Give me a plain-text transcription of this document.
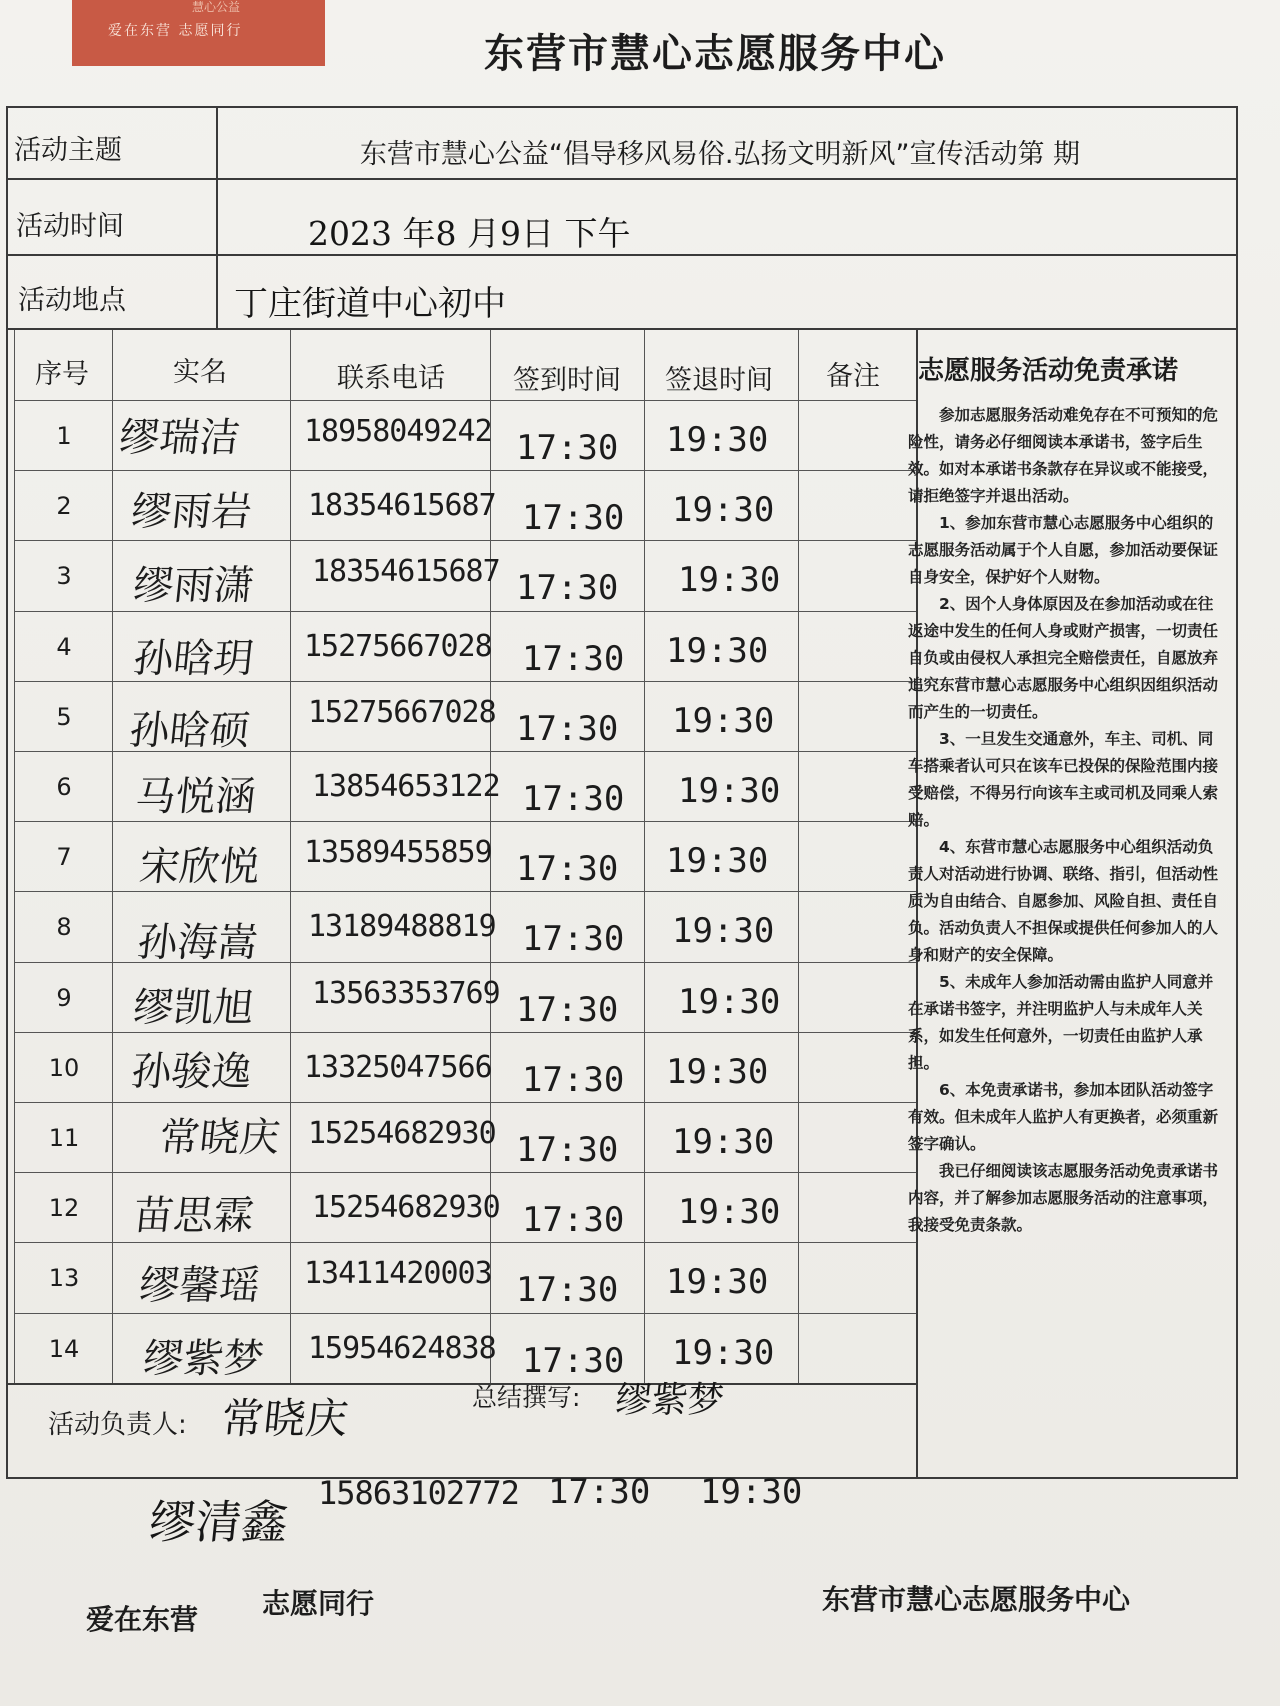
慧心公益
爱在东营 志愿同行	东营市慧心志愿服务中心
活动主题	东营市慧心公益“倡导移风易俗.弘扬文明新风”宣传活动第 期
活动时间	2023 年8 月9日 下午
活动地点	丁庄街道中心初中
序号	实名	联系电话	签到时间	签退时间	备注
1	缪瑞洁 18958049242 17:30 19:30
2	缪雨岩 18354615687 17:30 19:30
3	缪雨潇 18354615687 17:30 19:30
4	孙晗玥 15275667028 17:30 19:30
5	孙晗硕 15275667028 17:30 19:30
6	马悦涵 13854653122 17:30 19:30
7	宋欣悦 13589455859 17:30 19:30
8	孙海嵩 13189488819 17:30 19:30
9	缪凯旭 13563353769 17:30 19:30
10	孙骏逸 13325047566 17:30 19:30
11	常晓庆 15254682930 17:30 19:30
12	苗思霖 15254682930 17:30 19:30
13	缪馨瑶 13411420003 17:30 19:30
14	缪紫梦 15954624838 17:30 19:30
志愿服务活动免责承诺

参加志愿服务活动难免存在不可预知的危险性，请务必仔细阅读本承诺书，签字后生效。如对本承诺书条款存在异议或不能接受，请拒绝签字并退出活动。

1、参加东营市慧心志愿服务中心组织的志愿服务活动属于个人自愿，参加活动要保证自身安全，保护好个人财物。

2、因个人身体原因及在参加活动或在往返途中发生的任何人身或财产损害，一切责任自负或由侵权人承担完全赔偿责任，自愿放弃追究东营市慧心志愿服务中心组织因组织活动而产生的一切责任。

3、一旦发生交通意外，车主、司机、同车搭乘者认可只在该车已投保的保险范围内接受赔偿，不得另行向该车主或司机及同乘人索赔。

4、东营市慧心志愿服务中心组织活动负责人对活动进行协调、联络、指引，但活动性质为自由结合、自愿参加、风险自担、责任自负。活动负责人不担保或提供任何参加人的人身和财产的安全保障。

5、未成年人参加活动需由监护人同意并在承诺书签字，并注明监护人与未成年人关系，如发生任何意外，一切责任由监护人承担。

6、本免责承诺书，参加本团队活动签字有效。但未成年人监护人有更换者，必须重新签字确认。

我已仔细阅读该志愿服务活动免责承诺书内容，并了解参加志愿服务活动的注意事项，我接受免责条款。

活动负责人: 常晓庆	总结撰写: 缪紫梦
缪清鑫
15863102772 17:30 19:30
爱在东营 志愿同行	东营市慧心志愿服务中心
